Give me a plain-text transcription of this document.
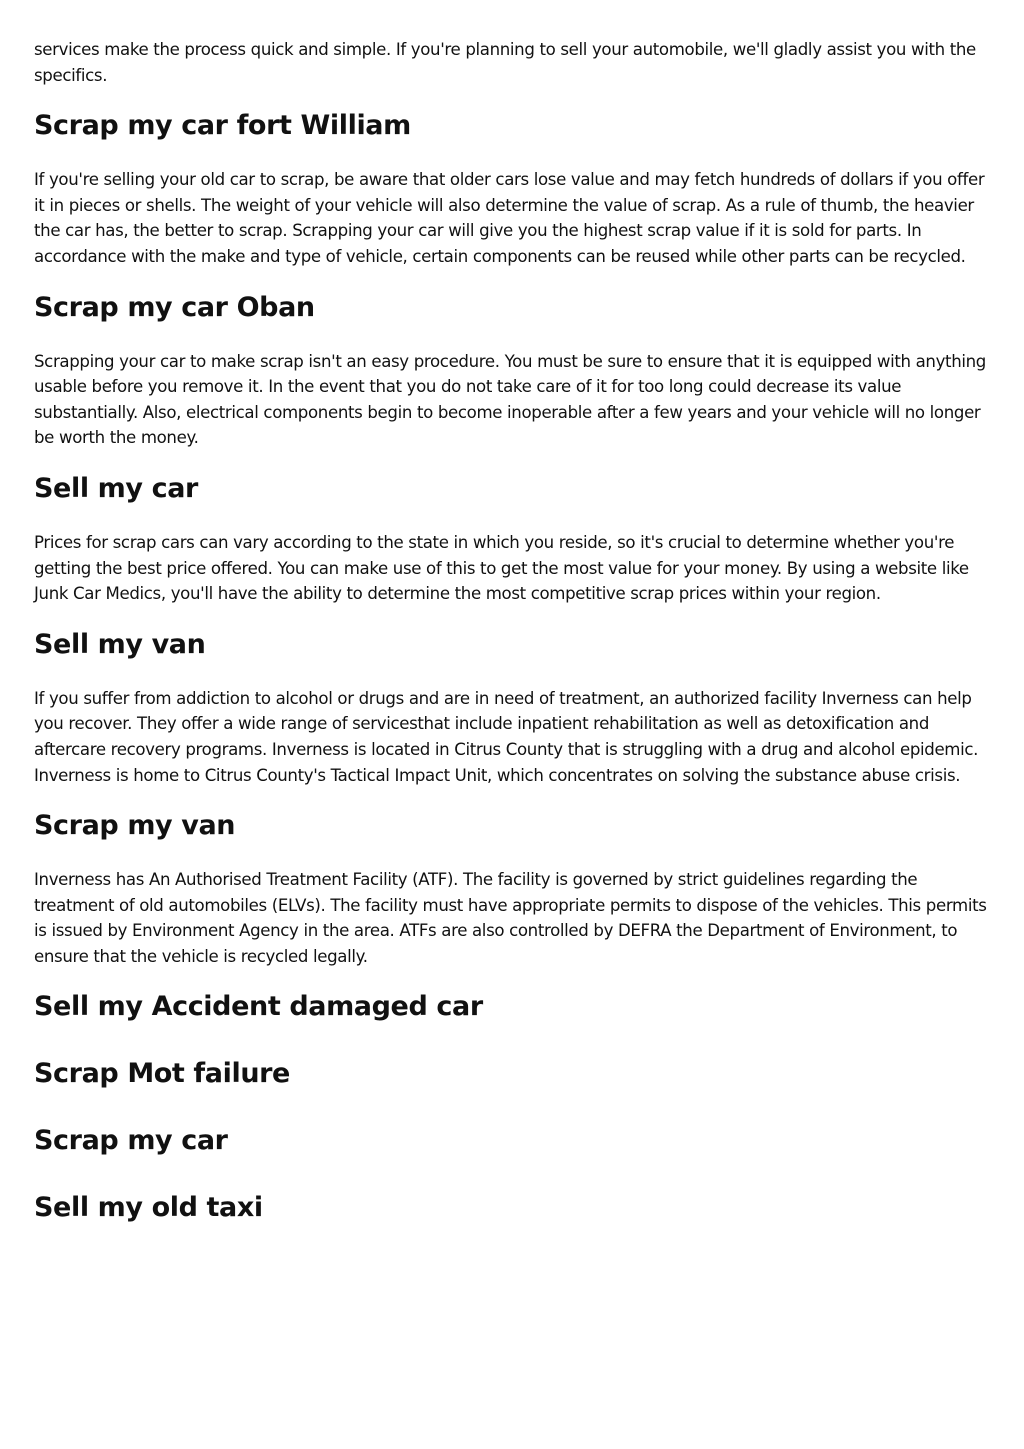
services make the process quick and simple. If you're planning to sell your automobile, we'll gladly assist you with the specifics.

Scrap my car fort William

If you're selling your old car to scrap, be aware that older cars lose value and may fetch hundreds of dollars if you offer it in pieces or shells. The weight of your vehicle will also determine the value of scrap. As a rule of thumb, the heavier the car has, the better to scrap. Scrapping your car will give you the highest scrap value if it is sold for parts. In accordance with the make and type of vehicle, certain components can be reused while other parts can be recycled.

Scrap my car Oban

Scrapping your car to make scrap isn't an easy procedure. You must be sure to ensure that it is equipped with anything usable before you remove it. In the event that you do not take care of it for too long could decrease its value substantially. Also, electrical components begin to become inoperable after a few years and your vehicle will no longer be worth the money.

Sell my car

Prices for scrap cars can vary according to the state in which you reside, so it's crucial to determine whether you're getting the best price offered. You can make use of this to get the most value for your money. By using a website like Junk Car Medics, you'll have the ability to determine the most competitive scrap prices within your region.

Sell my van

If you suffer from addiction to alcohol or drugs and are in need of treatment, an authorized facility Inverness can help you recover. They offer a wide range of servicesthat include inpatient rehabilitation as well as detoxification and aftercare recovery programs. Inverness is located in Citrus County that is struggling with a drug and alcohol epidemic. Inverness is home to Citrus County's Tactical Impact Unit, which concentrates on solving the substance abuse crisis.

Scrap my van

Inverness has An Authorised Treatment Facility (ATF). The facility is governed by strict guidelines regarding the treatment of old automobiles (ELVs). The facility must have appropriate permits to dispose of the vehicles. This permits is issued by Environment Agency in the area. ATFs are also controlled by DEFRA the Department of Environment, to ensure that the vehicle is recycled legally.

Sell my Accident damaged car
Scrap Mot failure
Scrap my car
Sell my old taxi
